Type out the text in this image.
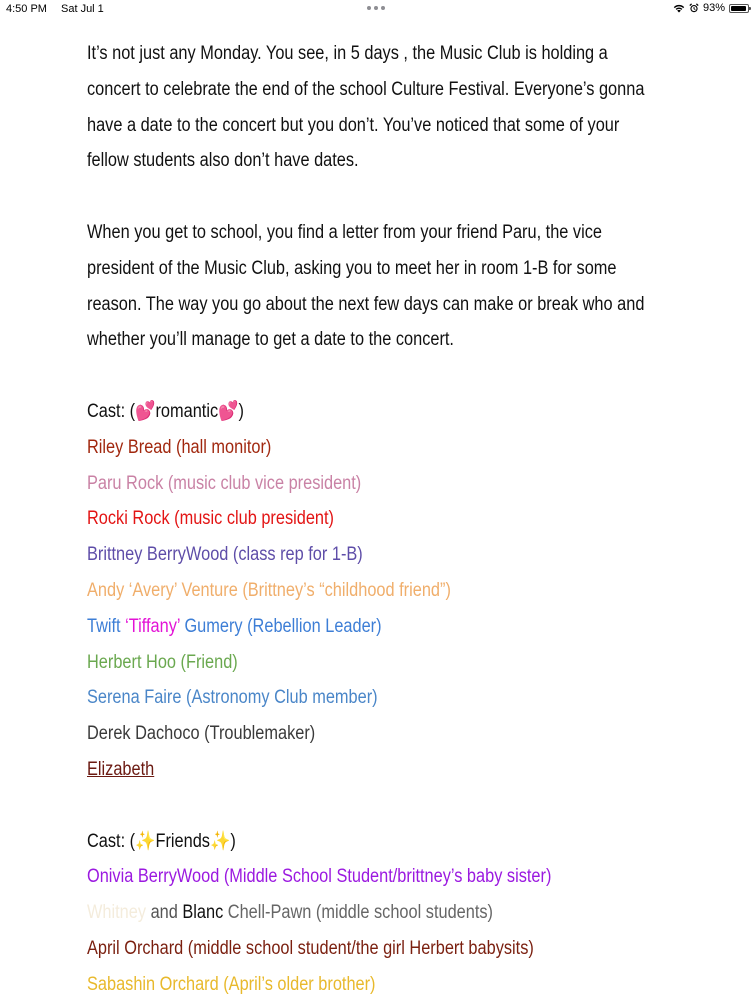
4:50 PM Sat Jul 1	93%
It’s not just any Monday. You see, in 5 days , the Music Club is holding a
concert to celebrate the end of the school Culture Festival. Everyone’s gonna
have a date to the concert but you don’t. You’ve noticed that some of your
fellow students also don’t have dates.
When you get to school, you find a letter from your friend Paru, the vice
president of the Music Club, asking you to meet her in room 1-B for some
reason. The way you go about the next few days can make or break who and
whether you’ll manage to get a date to the concert.
Cast: (💕romantic💕)
Riley Bread (hall monitor)
Paru Rock (music club vice president)
Rocki Rock (music club president)
Brittney BerryWood (class rep for 1-B)
Andy ‘Avery’ Venture (Brittney’s “childhood friend”)
Twift ‘Tiffany’ Gumery (Rebellion Leader)
Herbert Hoo (Friend)
Serena Faire (Astronomy Club member)
Derek Dachoco (Troublemaker)
Elizabeth
Cast: (✨Friends✨)
Onivia BerryWood (Middle School Student/brittney’s baby sister)
Whitney and Blanc Chell-Pawn (middle school students)
April Orchard (middle school student/the girl Herbert babysits)
Sabashin Orchard (April’s older brother)
